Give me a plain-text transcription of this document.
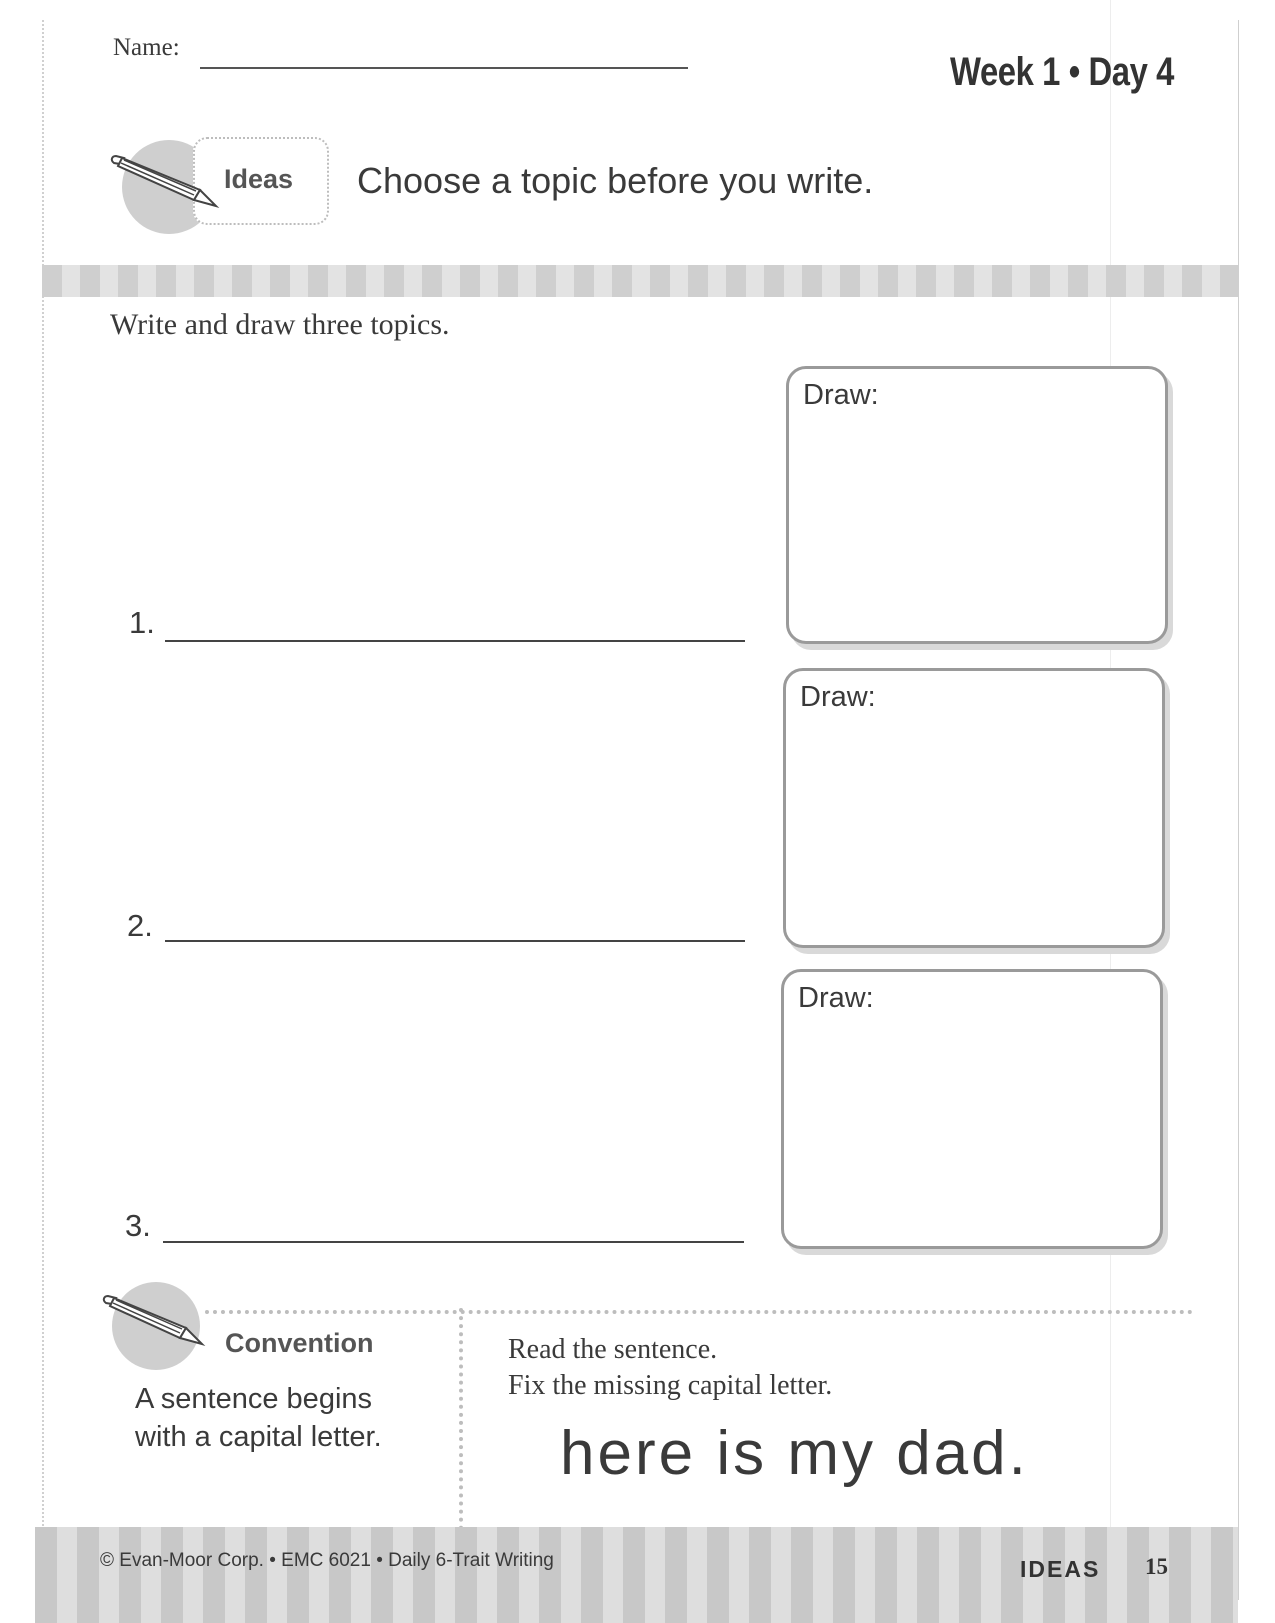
Name:
Week 1 • Day 4
Ideas Choose a topic before you write.
Write and draw three topics.
1.
Draw:
2.
Draw:
3.
Draw:
Convention
A sentence begins
with a capital letter.
Read the sentence.
Fix the missing capital letter.
here is my dad.
© Evan-Moor Corp. • EMC 6021 • Daily 6-Trait Writing	IDEAS 15
